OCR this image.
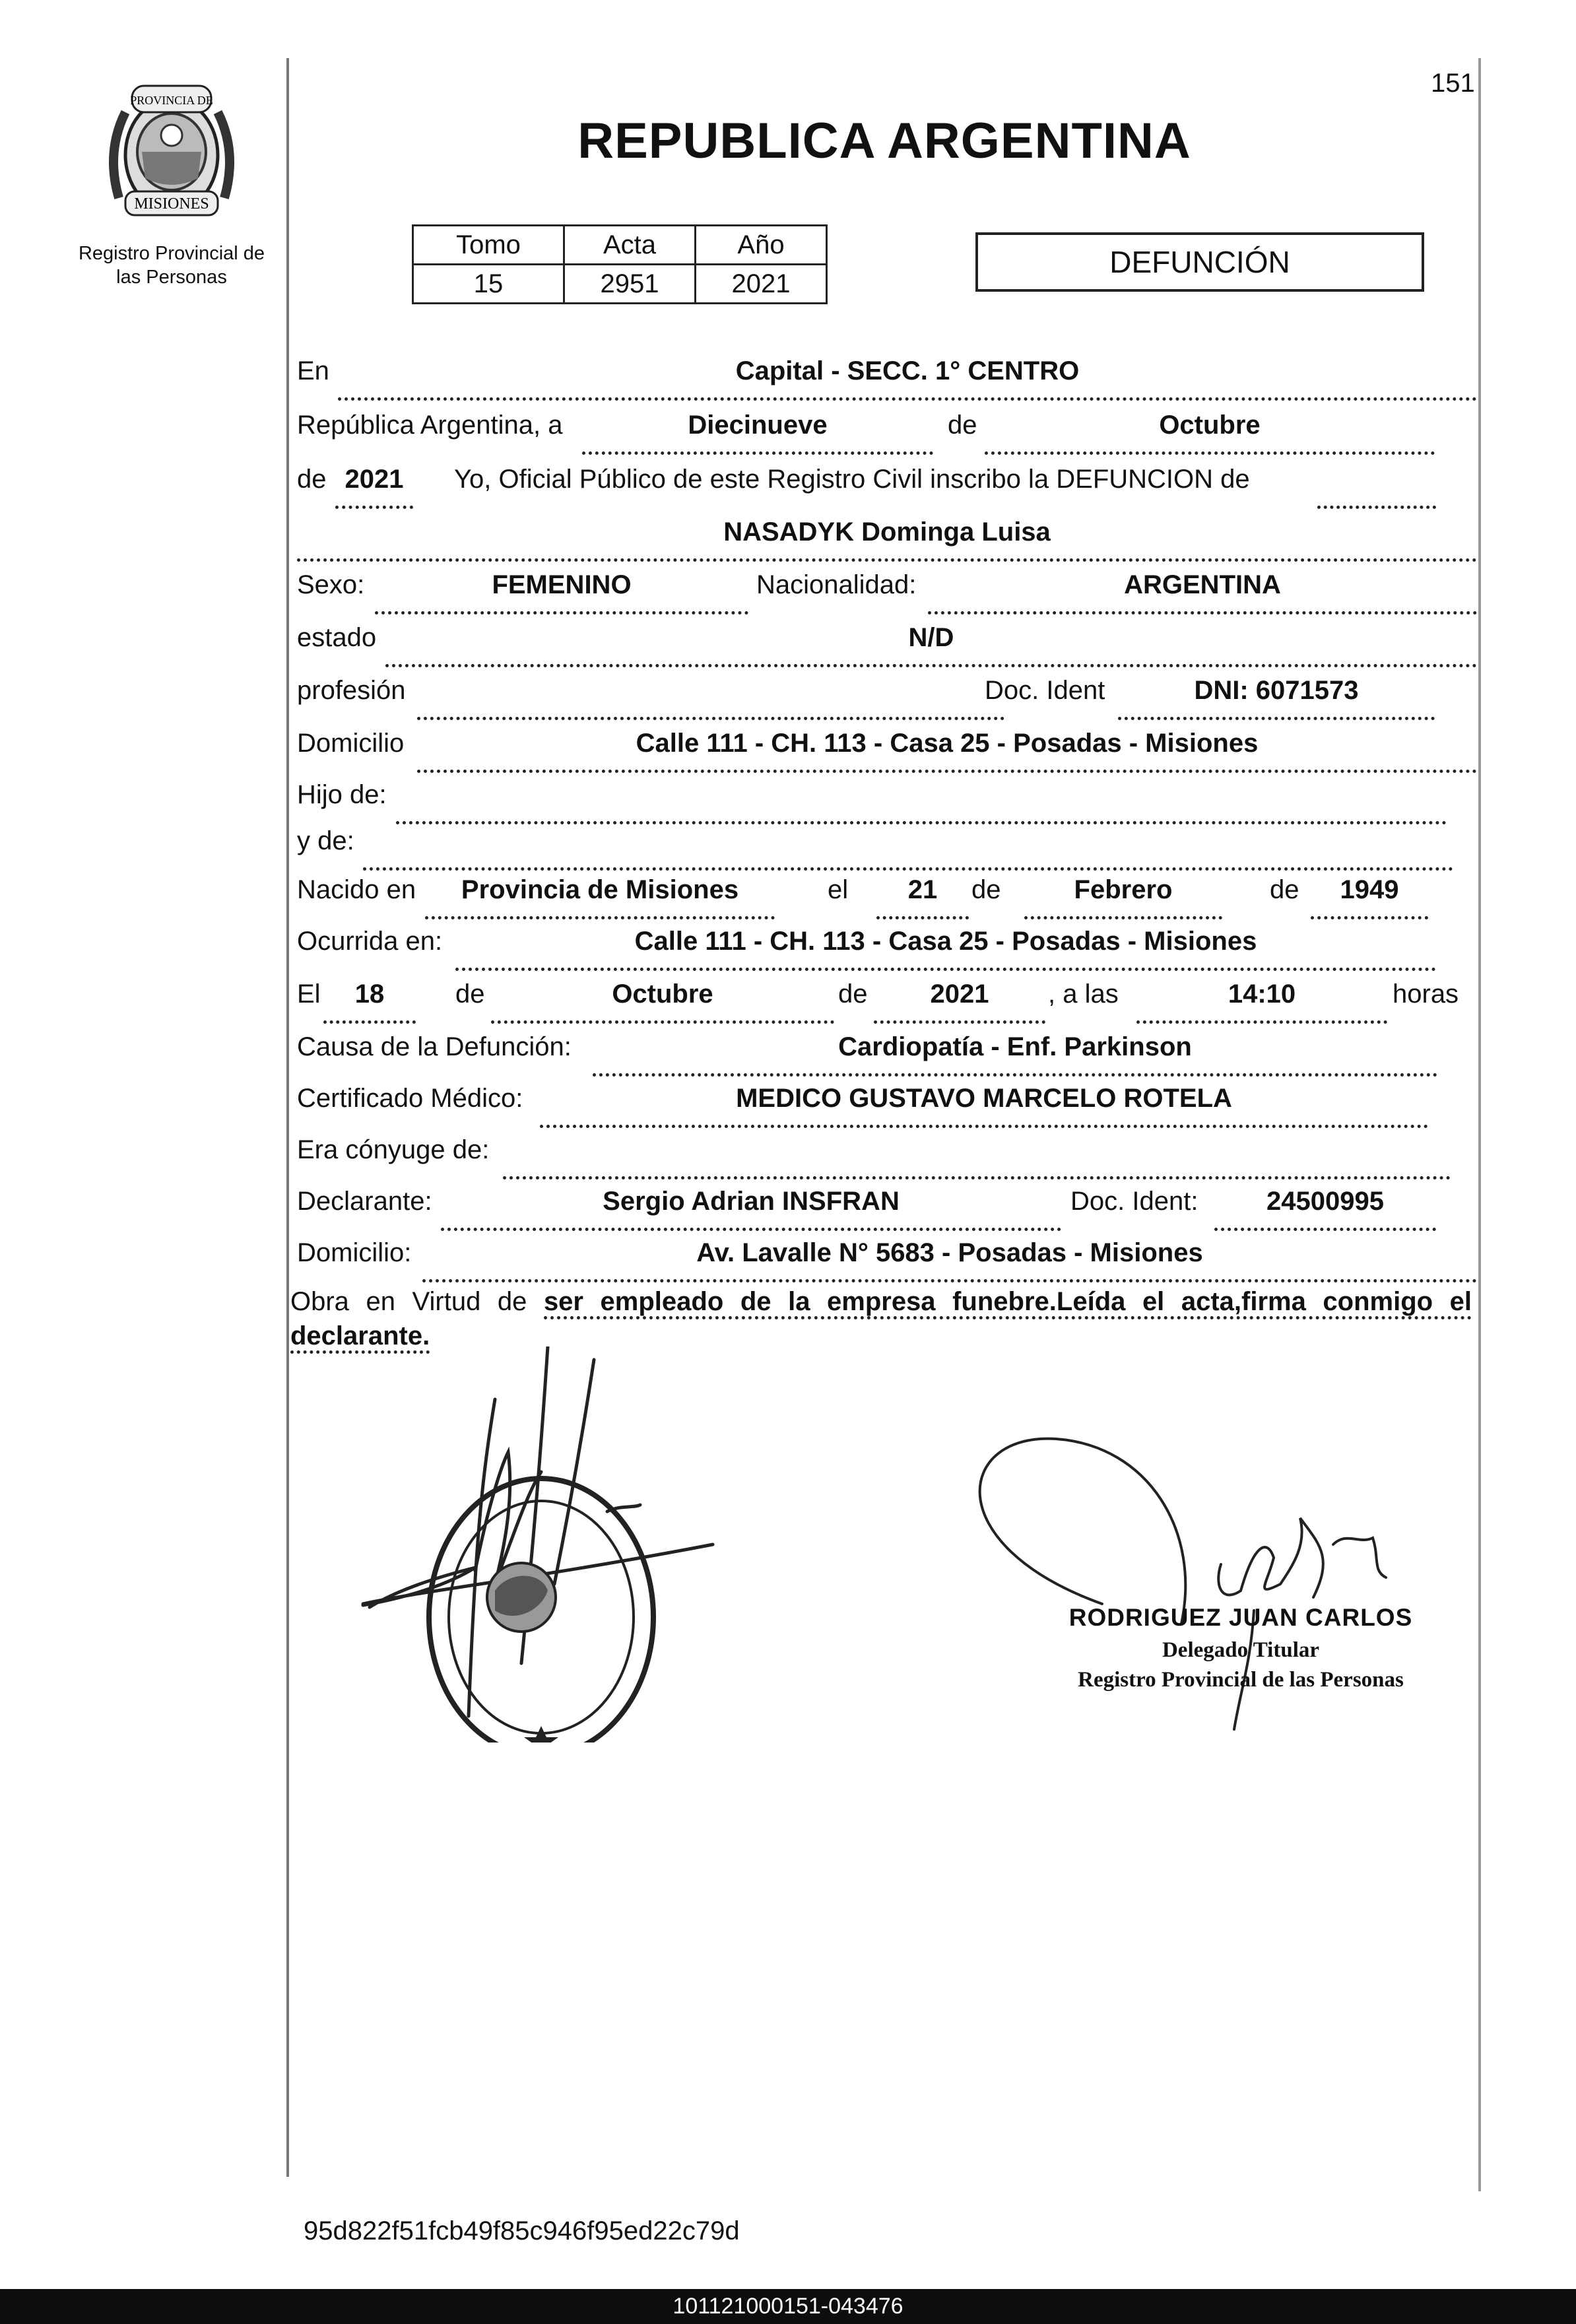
151
PROVINCIA DE
MISIONES
Registro Provincial de las Personas
REPUBLICA ARGENTINA
Tomo	Acta	Año
15	2951	2021
DEFUNCIÓN
En	Capital - SECC. 1° CENTRO
República Argentina, a	Diecinueve	de	Octubre
de 2021	Yo, Oficial Público de este Registro Civil inscribo la DEFUNCION de
NASADYK Dominga Luisa
Sexo:	FEMENINO	Nacionalidad:	ARGENTINA
estado	N/D
profesión	Doc. Ident	DNI: 6071573
Domicilio	Calle 111 - CH. 113 - Casa 25 - Posadas - Misiones
Hijo de:
y de:
Nacido en	Provincia de Misiones	el	21	de	Febrero	de	1949
Ocurrida en:	Calle 111 - CH. 113 - Casa 25 - Posadas - Misiones
El	18	de	Octubre	de	2021	, a las	14:10	horas
Causa de la Defunción:	Cardiopatía - Enf. Parkinson
Certificado Médico:	MEDICO GUSTAVO MARCELO ROTELA
Era cónyuge de:
Declarante:	Sergio Adrian INSFRAN	Doc. Ident:	24500995
Domicilio:	Av. Lavalle N° 5683 - Posadas - Misiones
Obra en Virtud de ser empleado de la empresa funebre.Leída el acta,firma conmigo el declarante.
RODRIGUEZ JUAN CARLOS
Delegado Titular
Registro Provincial de las Personas
95d822f51fcb49f85c946f95ed22c79d
101121000151-043476
